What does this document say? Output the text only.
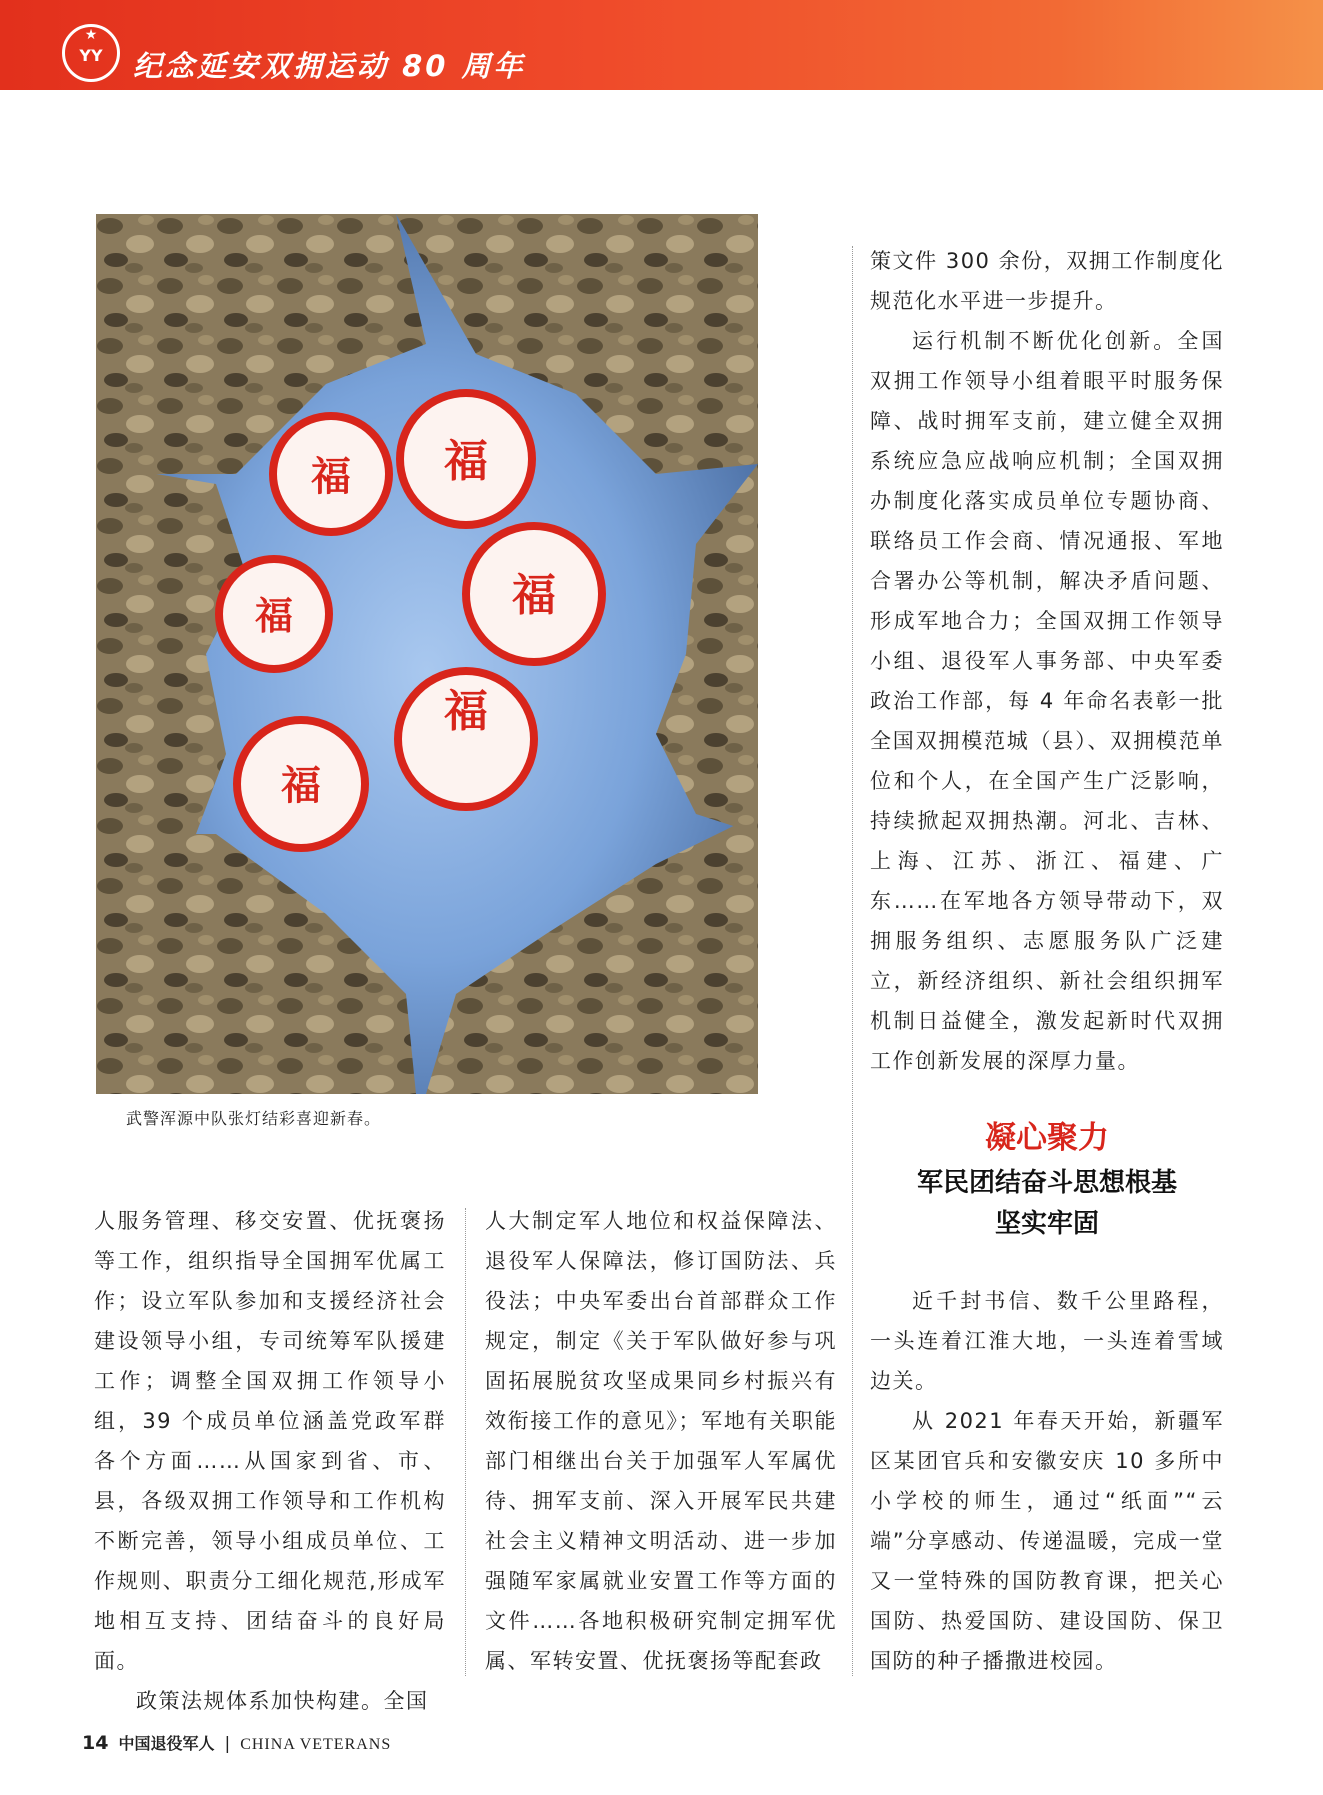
★
YY	纪念延安双拥运动 80 周年
福 福
福
福
福
福
武警浑源中队张灯结彩喜迎新春。

策文件 300 余份，双拥工作制度化规范化水平进一步提升。

运行机制不断优化创新。全国双拥工作领导小组着眼平时服务保障、战时拥军支前，建立健全双拥系统应急应战响应机制；全国双拥办制度化落实成员单位专题协商、联络员工作会商、情况通报、军地合署办公等机制，解决矛盾问题、形成军地合力；全国双拥工作领导小组、退役军人事务部、中央军委政治工作部，每 4 年命名表彰一批全国双拥模范城（县）、双拥模范单位和个人，在全国产生广泛影响，持续掀起双拥热潮。河北、吉林、上海、江苏、浙江、福建、广东……在军地各方领导带动下，双拥服务组织、志愿服务队广泛建立，新经济组织、新社会组织拥军机制日益健全，激发起新时代双拥工作创新发展的深厚力量。

凝心聚力
军民团结奋斗思想根基
坚实牢固

人服务管理、移交安置、优抚褒扬等工作，组织指导全国拥军优属工作；设立军队参加和支援经济社会建设领导小组，专司统筹军队援建工作；调整全国双拥工作领导小组，39 个成员单位涵盖党政军群各个方面……从国家到省、市、县，各级双拥工作领导和工作机构不断完善，领导小组成员单位、工作规则、职责分工细化规范,形成军地相互支持、团结奋斗的良好局面。

政策法规体系加快构建。全国

人大制定军人地位和权益保障法、退役军人保障法，修订国防法、兵役法；中央军委出台首部群众工作规定，制定《关于军队做好参与巩固拓展脱贫攻坚成果同乡村振兴有效衔接工作的意见》；军地有关职能部门相继出台关于加强军人军属优待、拥军支前、深入开展军民共建社会主义精神文明活动、进一步加强随军家属就业安置工作等方面的文件……各地积极研究制定拥军优属、军转安置、优抚褒扬等配套政

近千封书信、数千公里路程，一头连着江淮大地，一头连着雪域边关。

从 2021 年春天开始，新疆军区某团官兵和安徽安庆 10 多所中小学校的师生，通过“纸面”“云端”分享感动、传递温暖，完成一堂又一堂特殊的国防教育课，把关心国防、热爱国防、建设国防、保卫国防的种子播撒进校园。

14 中国退役军人 | CHINA VETERANS
